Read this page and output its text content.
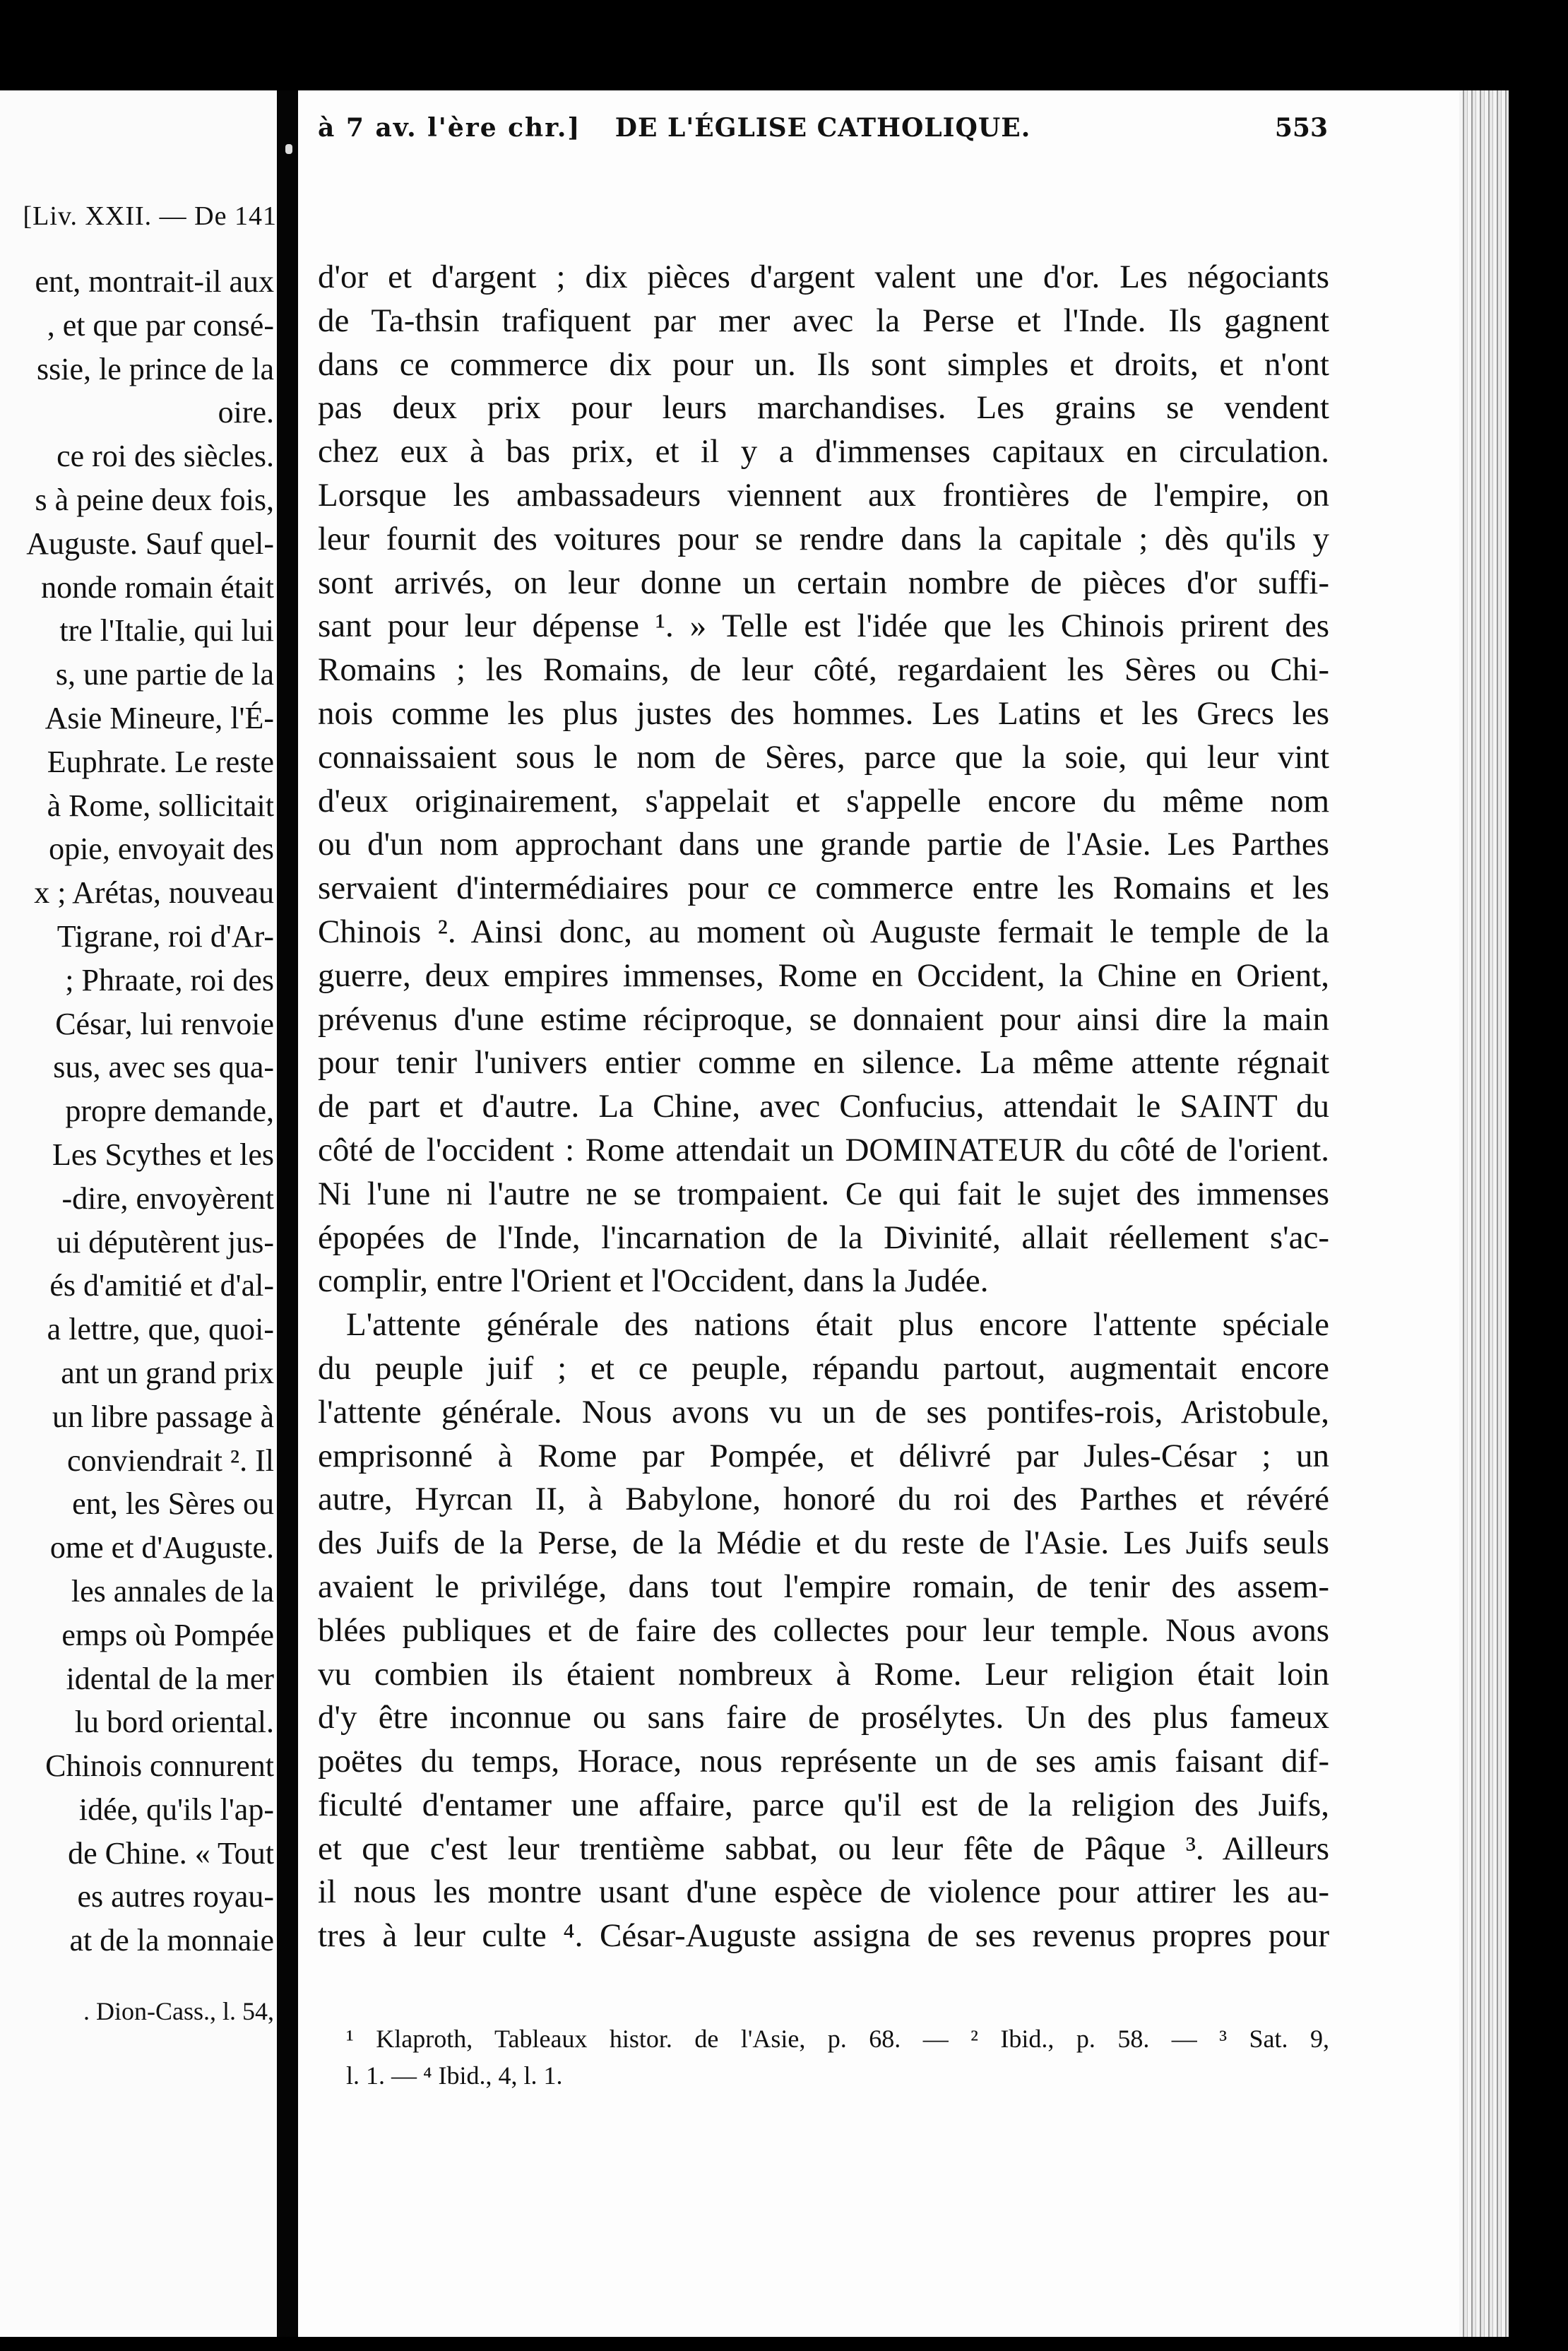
[Liv. XXII. — De 141
ent, montrait-il aux
, et que par consé-
ssie, le prince de la
oire.
ce roi des siècles.
s à peine deux fois,
Auguste. Sauf quel-
nonde romain était
tre l'Italie, qui lui
s, une partie de la
Asie Mineure, l'É-
Euphrate. Le reste
à Rome, sollicitait
opie, envoyait des
x ; Arétas, nouveau
Tigrane, roi d'Ar-
; Phraate, roi des
César, lui renvoie
sus, avec ses qua-
propre demande,
Les Scythes et les
-dire, envoyèrent
ui députèrent jus-
és d'amitié et d'al-
a lettre, que, quoi-
ant un grand prix
un libre passage à
conviendrait ². Il
ent, les Sères ou
ome et d'Auguste.
les annales de la
emps où Pompée
idental de la mer
lu bord oriental.
Chinois connurent
idée, qu'ils l'ap-
de Chine. « Tout
es autres royau-
at de la monnaie
. Dion-Cass., l. 54,
à 7 av. l'ère chr.]	DE L'ÉGLISE CATHOLIQUE.	553
d'or et d'argent ; dix pièces d'argent valent une d'or. Les négociants
de Ta-thsin trafiquent par mer avec la Perse et l'Inde. Ils gagnent
dans ce commerce dix pour un. Ils sont simples et droits, et n'ont
pas deux prix pour leurs marchandises. Les grains se vendent
chez eux à bas prix, et il y a d'immenses capitaux en circulation.
Lorsque les ambassadeurs viennent aux frontières de l'empire, on
leur fournit des voitures pour se rendre dans la capitale ; dès qu'ils y
sont arrivés, on leur donne un certain nombre de pièces d'or suffi-
sant pour leur dépense ¹. » Telle est l'idée que les Chinois prirent des
Romains ; les Romains, de leur côté, regardaient les Sères ou Chi-
nois comme les plus justes des hommes. Les Latins et les Grecs les
connaissaient sous le nom de Sères, parce que la soie, qui leur vint
d'eux originairement, s'appelait et s'appelle encore du même nom
ou d'un nom approchant dans une grande partie de l'Asie. Les Parthes
servaient d'intermédiaires pour ce commerce entre les Romains et les
Chinois ². Ainsi donc, au moment où Auguste fermait le temple de la
guerre, deux empires immenses, Rome en Occident, la Chine en Orient,
prévenus d'une estime réciproque, se donnaient pour ainsi dire la main
pour tenir l'univers entier comme en silence. La même attente régnait
de part et d'autre. La Chine, avec Confucius, attendait le SAINT du
côté de l'occident : Rome attendait un DOMINATEUR du côté de l'orient.
Ni l'une ni l'autre ne se trompaient. Ce qui fait le sujet des immenses
épopées de l'Inde, l'incarnation de la Divinité, allait réellement s'ac-
complir, entre l'Orient et l'Occident, dans la Judée.
L'attente générale des nations était plus encore l'attente spéciale
du peuple juif ; et ce peuple, répandu partout, augmentait encore
l'attente générale. Nous avons vu un de ses pontifes-rois, Aristobule,
emprisonné à Rome par Pompée, et délivré par Jules-César ; un
autre, Hyrcan II, à Babylone, honoré du roi des Parthes et révéré
des Juifs de la Perse, de la Médie et du reste de l'Asie. Les Juifs seuls
avaient le privilége, dans tout l'empire romain, de tenir des assem-
blées publiques et de faire des collectes pour leur temple. Nous avons
vu combien ils étaient nombreux à Rome. Leur religion était loin
d'y être inconnue ou sans faire de prosélytes. Un des plus fameux
poëtes du temps, Horace, nous représente un de ses amis faisant dif-
ficulté d'entamer une affaire, parce qu'il est de la religion des Juifs,
et que c'est leur trentième sabbat, ou leur fête de Pâque ³. Ailleurs
il nous les montre usant d'une espèce de violence pour attirer les au-
tres à leur culte ⁴. César-Auguste assigna de ses revenus propres pour
¹ Klaproth, Tableaux histor. de l'Asie, p. 68. — ² Ibid., p. 58. — ³ Sat. 9,
l. 1. — ⁴ Ibid., 4, l. 1.
